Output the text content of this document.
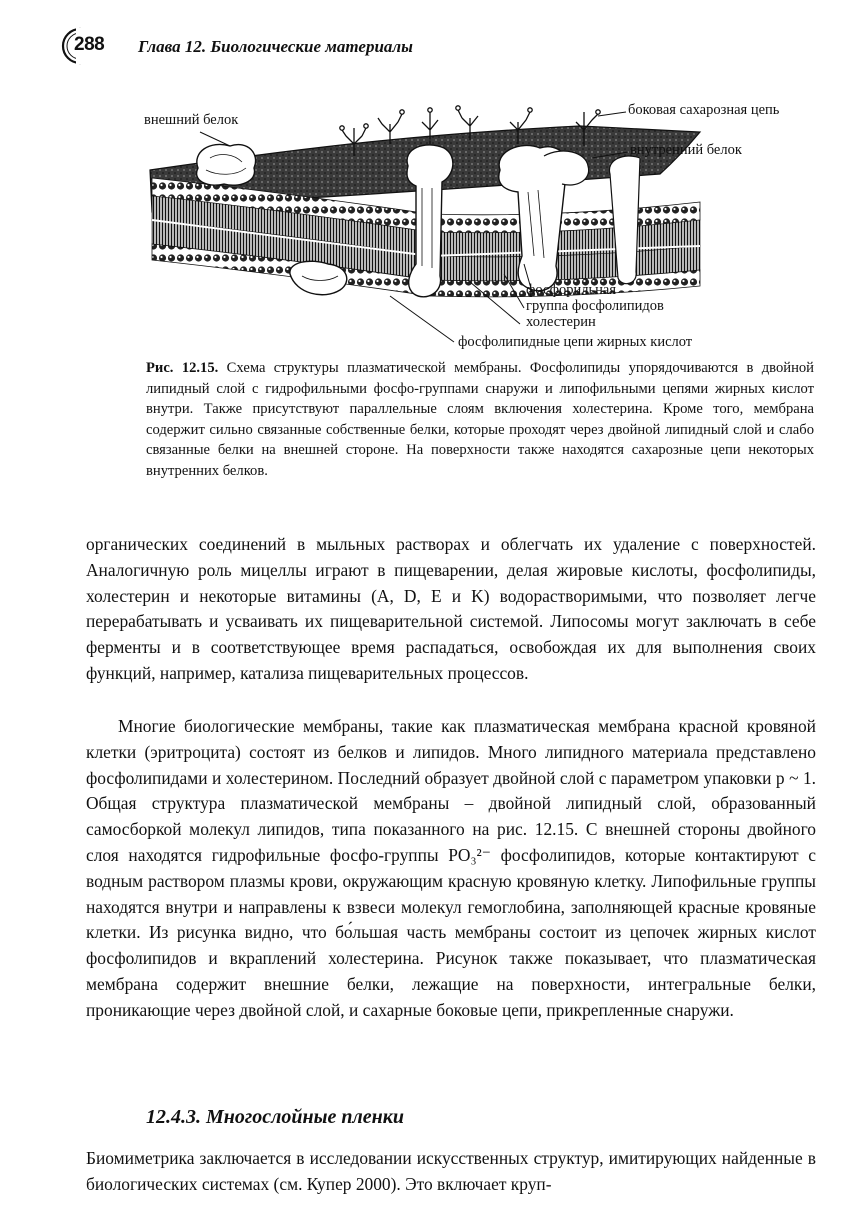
288 Глава 12. Биологические материалы
внешний белок
боковая сахарозная цепь
внутренний белок
фосфорильная
группа фосфолипидов
холестерин
фосфолипидные цепи жирных кислот
Рис. 12.15. Схема структуры плазматической мембраны. Фосфолипиды упорядочиваются в двойной липидный слой с гидрофильными фосфо-группами снаружи и липофильными цепями жирных кислот внутри. Также присутствуют параллельные слоям включения холестерина. Кроме того, мембрана содержит сильно связанные собственные белки, которые проходят через двойной липидный слой и слабо связанные белки на внешней стороне. На поверхности также находятся сахарозные цепи некоторых внутренних белков.

органических соединений в мыльных растворах и облегчать их удаление с поверхностей. Аналогичную роль мицеллы играют в пищеварении, делая жировые кислоты, фосфолипиды, холестерин и некоторые витамины (A, D, E и K) водорастворимыми, что позволяет легче перерабатывать и усваивать их пищеварительной системой. Липосомы могут заключать в себе ферменты и в соответствующее время распадаться, освобождая их для выполнения своих функций, например, катализа пищеварительных процессов.

Многие биологические мембраны, такие как плазматическая мембрана красной кровяной клетки (эритроцита) состоят из белков и липидов. Много липидного материала представлено фосфолипидами и холестерином. Последний образует двойной слой с параметром упаковки p ~ 1. Общая структура плазматической мембраны – двойной липидный слой, образованный самосборкой молекул липидов, типа показанного на рис. 12.15. С внешней стороны двойного слоя находятся гидрофильные фосфо-группы PO₃²⁻ фосфолипидов, которые контактируют с водным раствором плазмы крови, окружающим красную кровяную клетку. Липофильные группы находятся внутри и направлены к взвеси молекул гемоглобина, заполняющей красные кровяные клетки. Из рисунка видно, что бо́льшая часть мембраны состоит из цепочек жирных кислот фосфолипидов и вкраплений холестерина. Рисунок также показывает, что плазматическая мембрана содержит внешние белки, лежащие на поверхности, интегральные белки, проникающие через двойной слой, и сахарные боковые цепи, прикрепленные снаружи.

12.4.3. Многослойные пленки

Биомиметрика заключается в исследовании искусственных структур, имитирующих найденные в биологических системах (см. Купер 2000). Это включает круп-
